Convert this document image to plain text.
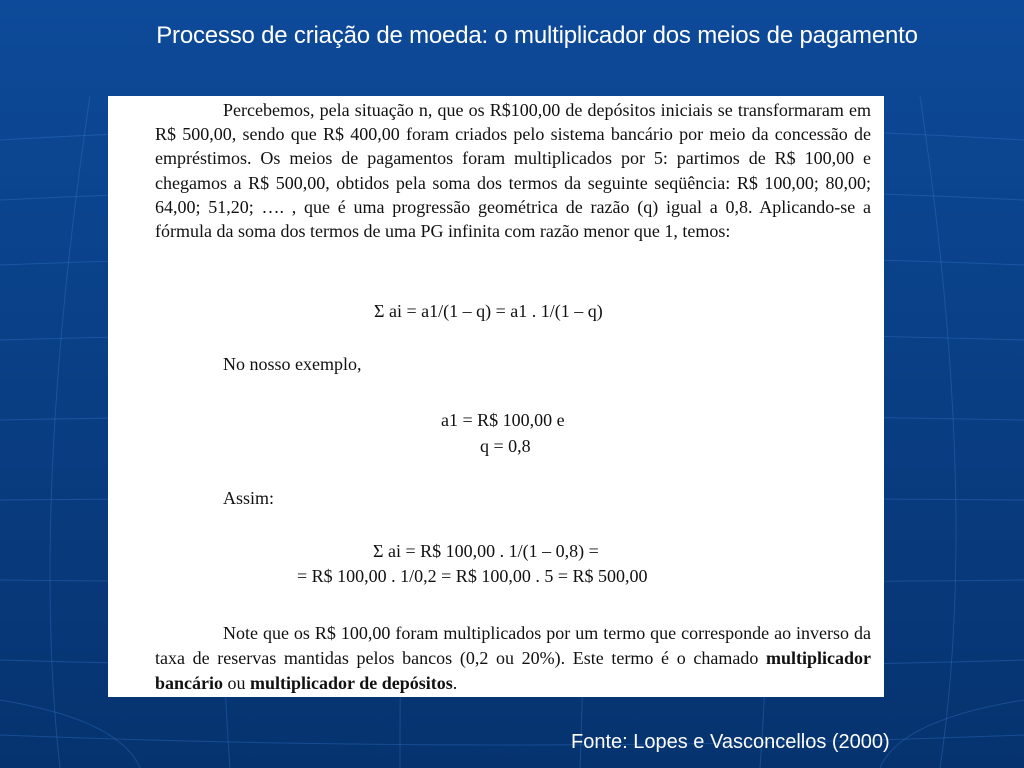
Processo de criação de moeda: o multiplicador dos meios de pagamento
Percebemos, pela situação n, que os R$100,00 de depósitos iniciais se transformaram em R$ 500,00, sendo que R$ 400,00 foram criados pelo sistema bancário por meio da concessão de empréstimos. Os meios de pagamentos foram multiplicados por 5: partimos de R$ 100,00 e chegamos a R$ 500,00, obtidos pela soma dos termos da seguinte seqüência: R$ 100,00; 80,00; 64,00; 51,20; …. , que é uma progressão geométrica de razão (q) igual a 0,8. Aplicando-se a fórmula da soma dos termos de uma PG infinita com razão menor que 1, temos:
Σ ai = a1/(1 – q) = a1 . 1/(1 – q)
No nosso exemplo,
a1 = R$ 100,00 e
q = 0,8
Assim:
Σ ai = R$ 100,00 . 1/(1 – 0,8) =
= R$ 100,00 . 1/0,2 = R$ 100,00 . 5 = R$ 500,00
Note que os R$ 100,00 foram multiplicados por um termo que corresponde ao inverso da taxa de reservas mantidas pelos bancos (0,2 ou 20%). Este termo é o chamado multiplicador bancário ou multiplicador de depósitos.
Fonte: Lopes e Vasconcellos (2000)
